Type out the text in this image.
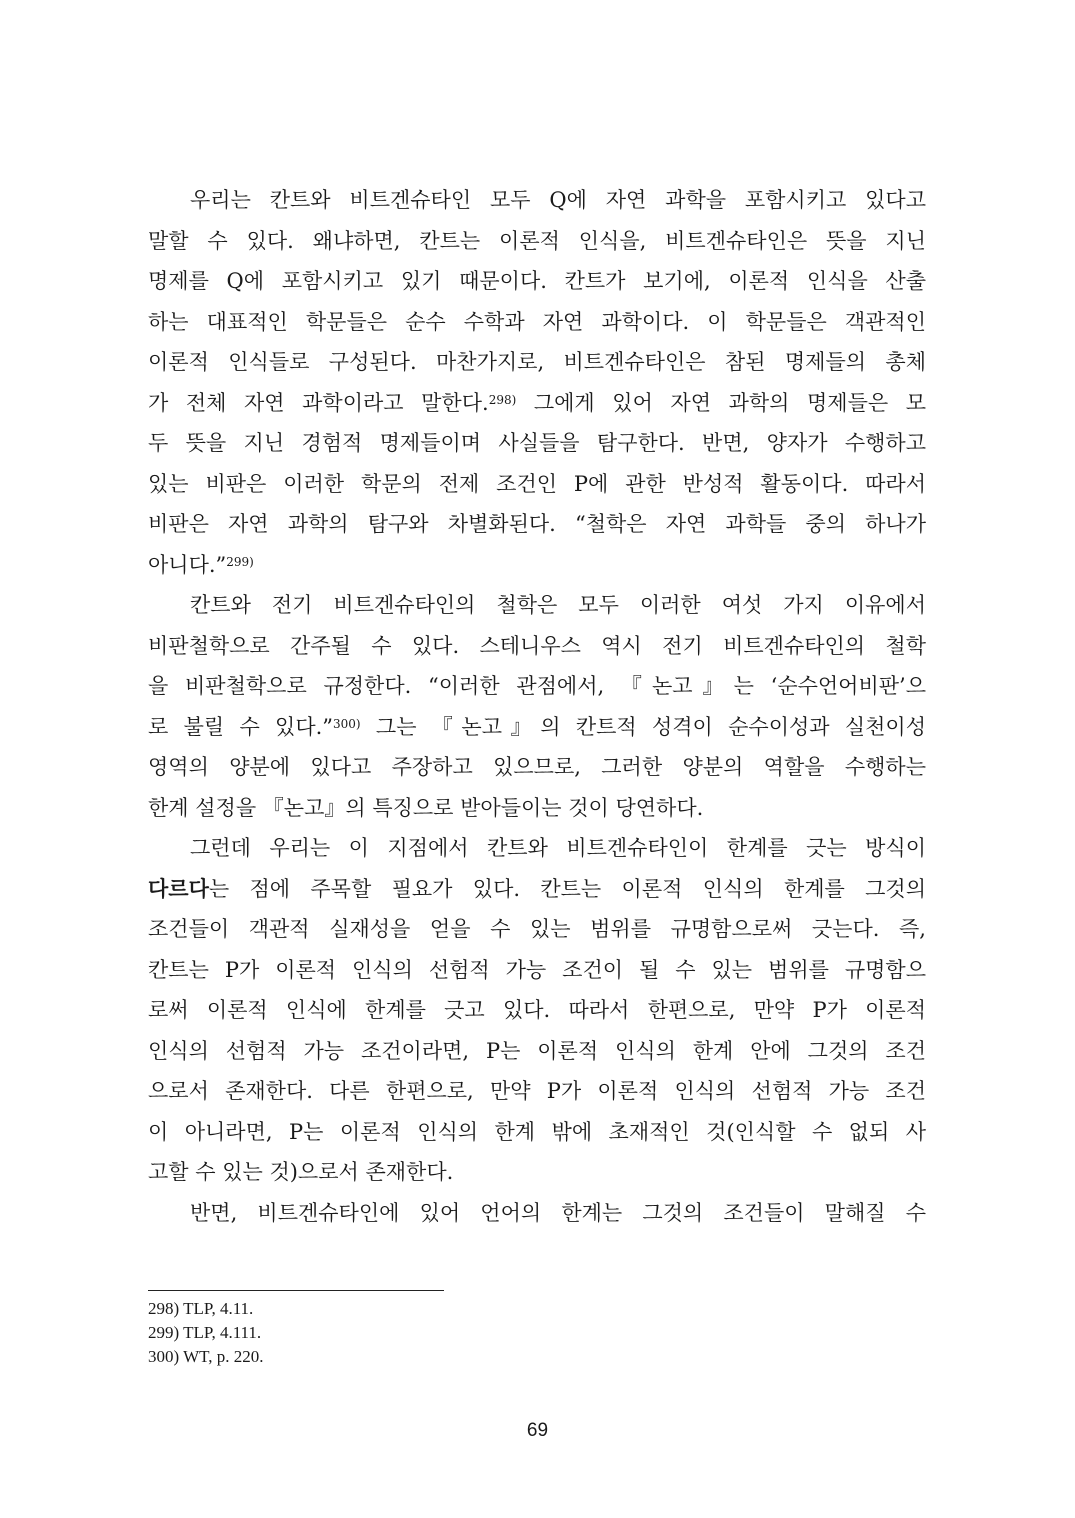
우리는 칸트와 비트겐슈타인 모두 Q에 자연 과학을 포함시키고 있다고
말할 수 있다. 왜냐하면, 칸트는 이론적 인식을, 비트겐슈타인은 뜻을 지닌
명제를 Q에 포함시키고 있기 때문이다. 칸트가 보기에, 이론적 인식을 산출
하는 대표적인 학문들은 순수 수학과 자연 과학이다. 이 학문들은 객관적인
이론적 인식들로 구성된다. 마찬가지로, 비트겐슈타인은 참된 명제들의 총체
가 전체 자연 과학이라고 말한다.$^{298)}$ 그에게 있어 자연 과학의 명제들은 모
두 뜻을 지닌 경험적 명제들이며 사실들을 탐구한다. 반면, 양자가 수행하고
있는 비판은 이러한 학문의 전제 조건인 P에 관한 반성적 활동이다. 따라서
비판은 자연 과학의 탐구와 차별화된다. “철학은 자연 과학들 중의 하나가
아니다.”$^{299)}$
칸트와 전기 비트겐슈타인의 철학은 모두 이러한 여섯 가지 이유에서
비판철학으로 간주될 수 있다. 스테니우스 역시 전기 비트겐슈타인의 철학
을 비판철학으로 규정한다. “이러한 관점에서, 『논고』는 ‘순수언어비판’으
로 불릴 수 있다.”$^{300)}$ 그는 『논고』의 칸트적 성격이 순수이성과 실천이성
영역의 양분에 있다고 주장하고 있으므로, 그러한 양분의 역할을 수행하는
한계 설정을 『논고』의 특징으로 받아들이는 것이 당연하다.
그런데 우리는 이 지점에서 칸트와 비트겐슈타인이 한계를 긋는 방식이
다르다는 점에 주목할 필요가 있다. 칸트는 이론적 인식의 한계를 그것의
조건들이 객관적 실재성을 얻을 수 있는 범위를 규명함으로써 긋는다. 즉,
칸트는 P가 이론적 인식의 선험적 가능 조건이 될 수 있는 범위를 규명함으
로써 이론적 인식에 한계를 긋고 있다. 따라서 한편으로, 만약 P가 이론적
인식의 선험적 가능 조건이라면, P는 이론적 인식의 한계 안에 그것의 조건
으로서 존재한다. 다른 한편으로, 만약 P가 이론적 인식의 선험적 가능 조건
이 아니라면, P는 이론적 인식의 한계 밖에 초재적인 것(인식할 수 없되 사
고할 수 있는 것)으로서 존재한다.
반면, 비트겐슈타인에 있어 언어의 한계는 그것의 조건들이 말해질 수
298) TLP, 4.11.
299) TLP, 4.111.
300) WT, p. 220.
69
